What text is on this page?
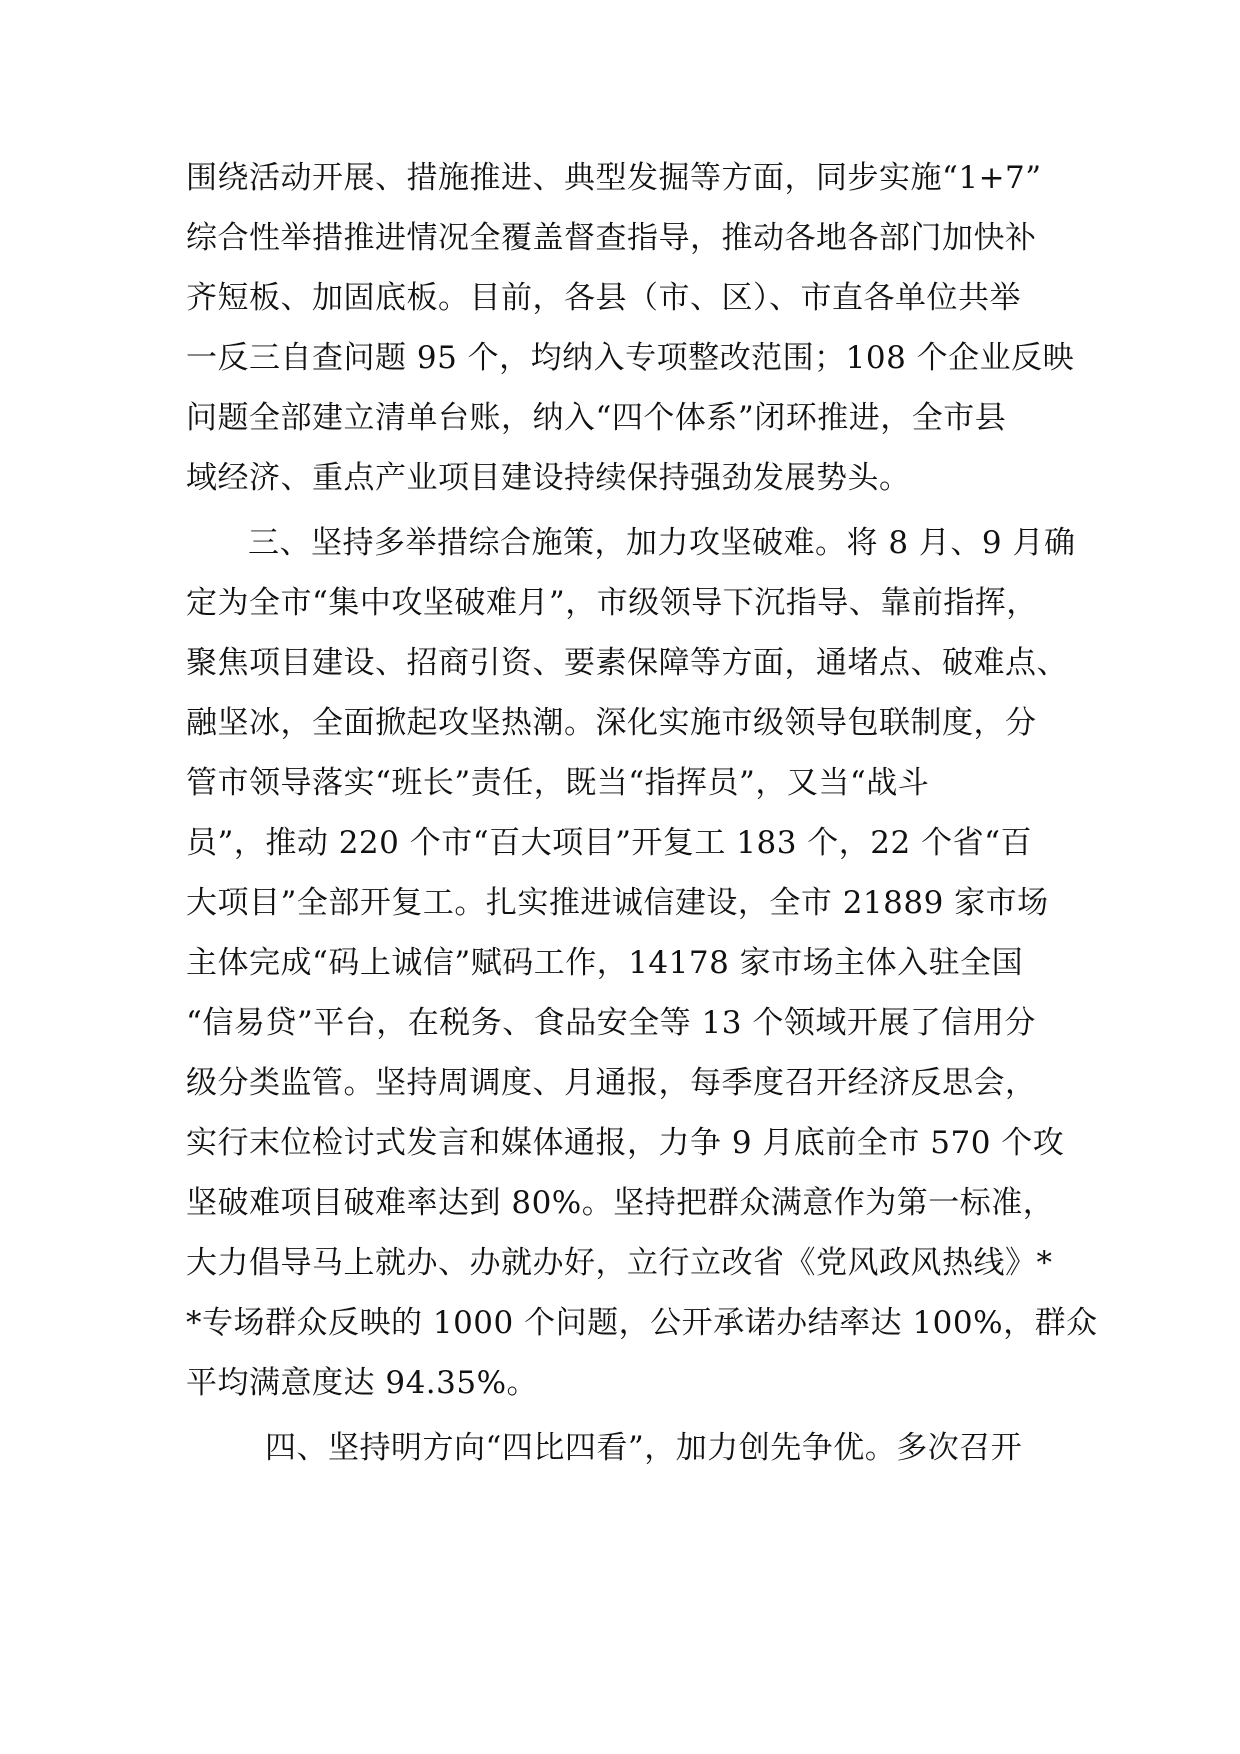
围绕活动开展、措施推进、典型发掘等方面，同步实施“1+7”
综合性举措推进情况全覆盖督查指导，推动各地各部门加快补
齐短板、加固底板。目前，各县（市、区）、市直各单位共举
一反三自查问题 95 个，均纳入专项整改范围；108 个企业反映
问题全部建立清单台账，纳入“四个体系”闭环推进，全市县
域经济、重点产业项目建设持续保持强劲发展势头。
三、坚持多举措综合施策，加力攻坚破难。将 8 月、9 月确
定为全市“集中攻坚破难月”，市级领导下沉指导、靠前指挥，
聚焦项目建设、招商引资、要素保障等方面，通堵点、破难点、
融坚冰，全面掀起攻坚热潮。深化实施市级领导包联制度，分
管市领导落实“班长”责任，既当“指挥员”，又当“战斗
员”，推动 220 个市“百大项目”开复工 183 个，22 个省“百
大项目”全部开复工。扎实推进诚信建设，全市 21889 家市场
主体完成“码上诚信”赋码工作，14178 家市场主体入驻全国
“信易贷”平台，在税务、食品安全等 13 个领域开展了信用分
级分类监管。坚持周调度、月通报，每季度召开经济反思会，
实行末位检讨式发言和媒体通报，力争 9 月底前全市 570 个攻
坚破难项目破难率达到 80%。坚持把群众满意作为第一标准，
大力倡导马上就办、办就办好，立行立改省《党风政风热线》*
*专场群众反映的 1000 个问题，公开承诺办结率达 100%，群众
平均满意度达 94.35%。
四、坚持明方向“四比四看”，加力创先争优。多次召开
